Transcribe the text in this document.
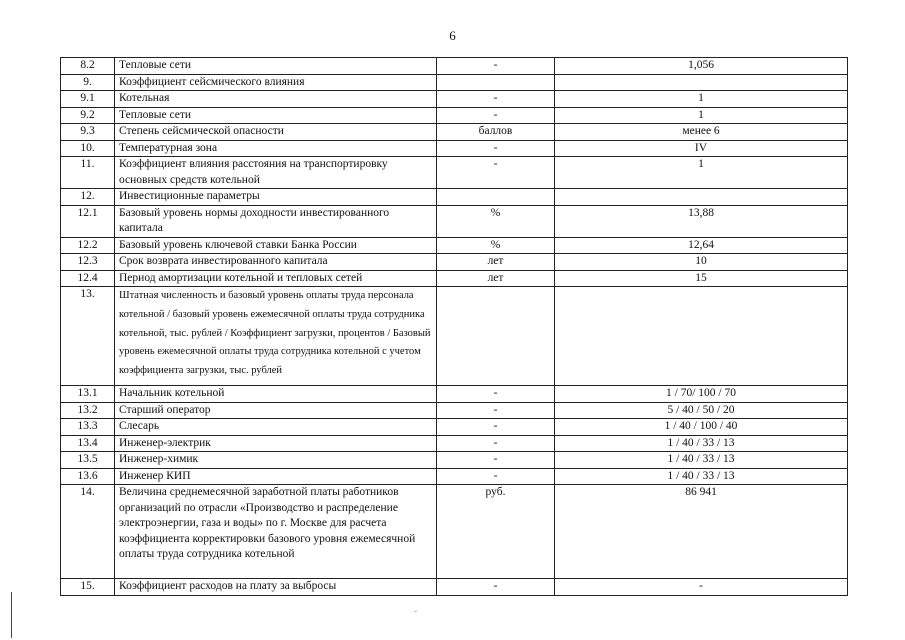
6
8.2	Тепловые сети	-	1,056
9.	Коэффициент сейсмического влияния		
9.1	Котельная	-	1
9.2	Тепловые сети	-	1
9.3	Степень сейсмической опасности	баллов	менее 6
10.	Температурная зона	-	IV
11.	Коэффициент влияния расстояния на транспортировку основных средств котельной	-	1
12.	Инвестиционные параметры		
12.1	Базовый уровень нормы доходности инвестированного капитала	%	13,88
12.2	Базовый уровень ключевой ставки Банка России	%	12,64
12.3	Срок возврата инвестированного капитала	лет	10
12.4	Период амортизации котельной и тепловых сетей	лет	15
13.	Штатная численность и базовый уровень оплаты труда персонала котельной / базовый уровень ежемесячной оплаты труда сотрудника котельной, тыс. рублей / Коэффициент загрузки, процентов / Базовый уровень ежемесячной оплаты труда сотрудника котельной с учетом коэффициента загрузки, тыс. рублей		
13.1	Начальник котельной	-	1 / 70/ 100 / 70
13.2	Старший оператор	-	5 / 40 / 50 / 20
13.3	Слесарь	-	1 / 40 / 100 / 40
13.4	Инженер-электрик	-	1 / 40 / 33 / 13
13.5	Инженер-химик	-	1 / 40 / 33 / 13
13.6	Инженер КИП	-	1 / 40 / 33 / 13
14.	Величина среднемесячной заработной платы работников организаций по отрасли «Производство и распределение электроэнергии, газа и воды» по г. Москве для расчета коэффициента корректировки базового уровня ежемесячной оплаты труда сотрудника котельной	руб.	86 941
15.	Коэффициент расходов на плату за выбросы	-	-
